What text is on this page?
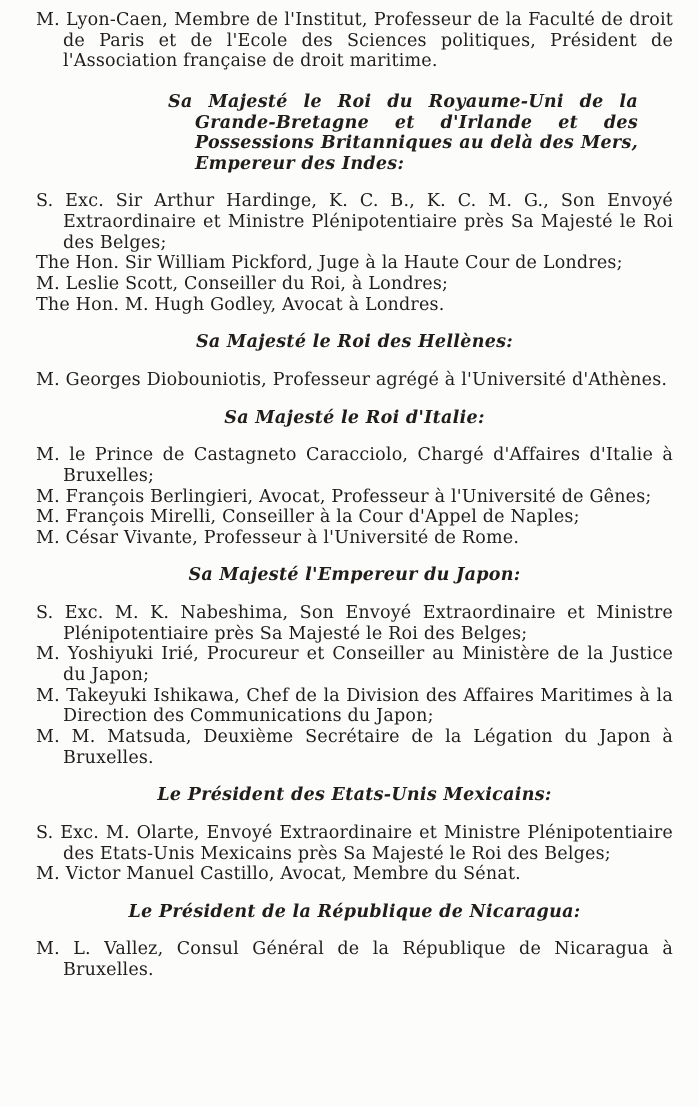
M. Lyon-Caen, Membre de l'Institut, Professeur de la Faculté de droit de Paris et de l'Ecole des Sciences politiques, Président de l'Association française de droit maritime.

Sa Majesté le Roi du Royaume-Uni de la Grande-Bretagne et d'Irlande et des Possessions Britanniques au delà des Mers, Empereur des Indes:

S. Exc. Sir Arthur Hardinge, K. C. B., K. C. M. G., Son Envoyé Extraordinaire et Ministre Plénipotentiaire près Sa Majesté le Roi des Belges;

The Hon. Sir William Pickford, Juge à la Haute Cour de Londres;

M. Leslie Scott, Conseiller du Roi, à Londres;

The Hon. M. Hugh Godley, Avocat à Londres.

Sa Majesté le Roi des Hellènes:

M. Georges Diobouniotis, Professeur agrégé à l'Université d'Athènes.

Sa Majesté le Roi d'Italie:

M. le Prince de Castagneto Caracciolo, Chargé d'Affaires d'Italie à Bruxelles;

M. François Berlingieri, Avocat, Professeur à l'Université de Gênes;

M. François Mirelli, Conseiller à la Cour d'Appel de Naples;

M. César Vivante, Professeur à l'Université de Rome.

Sa Majesté l'Empereur du Japon:

S. Exc. M. K. Nabeshima, Son Envoyé Extraordinaire et Ministre Plénipotentiaire près Sa Majesté le Roi des Belges;

M. Yoshiyuki Irié, Procureur et Conseiller au Ministère de la Justice du Japon;

M. Takeyuki Ishikawa, Chef de la Division des Affaires Maritimes à la Direction des Communications du Japon;

M. M. Matsuda, Deuxième Secrétaire de la Légation du Japon à Bruxelles.

Le Président des Etats-Unis Mexicains:

S. Exc. M. Olarte, Envoyé Extraordinaire et Ministre Plénipotentiaire des Etats-Unis Mexicains près Sa Majesté le Roi des Belges;

M. Victor Manuel Castillo, Avocat, Membre du Sénat.

Le Président de la République de Nicaragua:

M. L. Vallez, Consul Général de la République de Nicaragua à Bruxelles.
